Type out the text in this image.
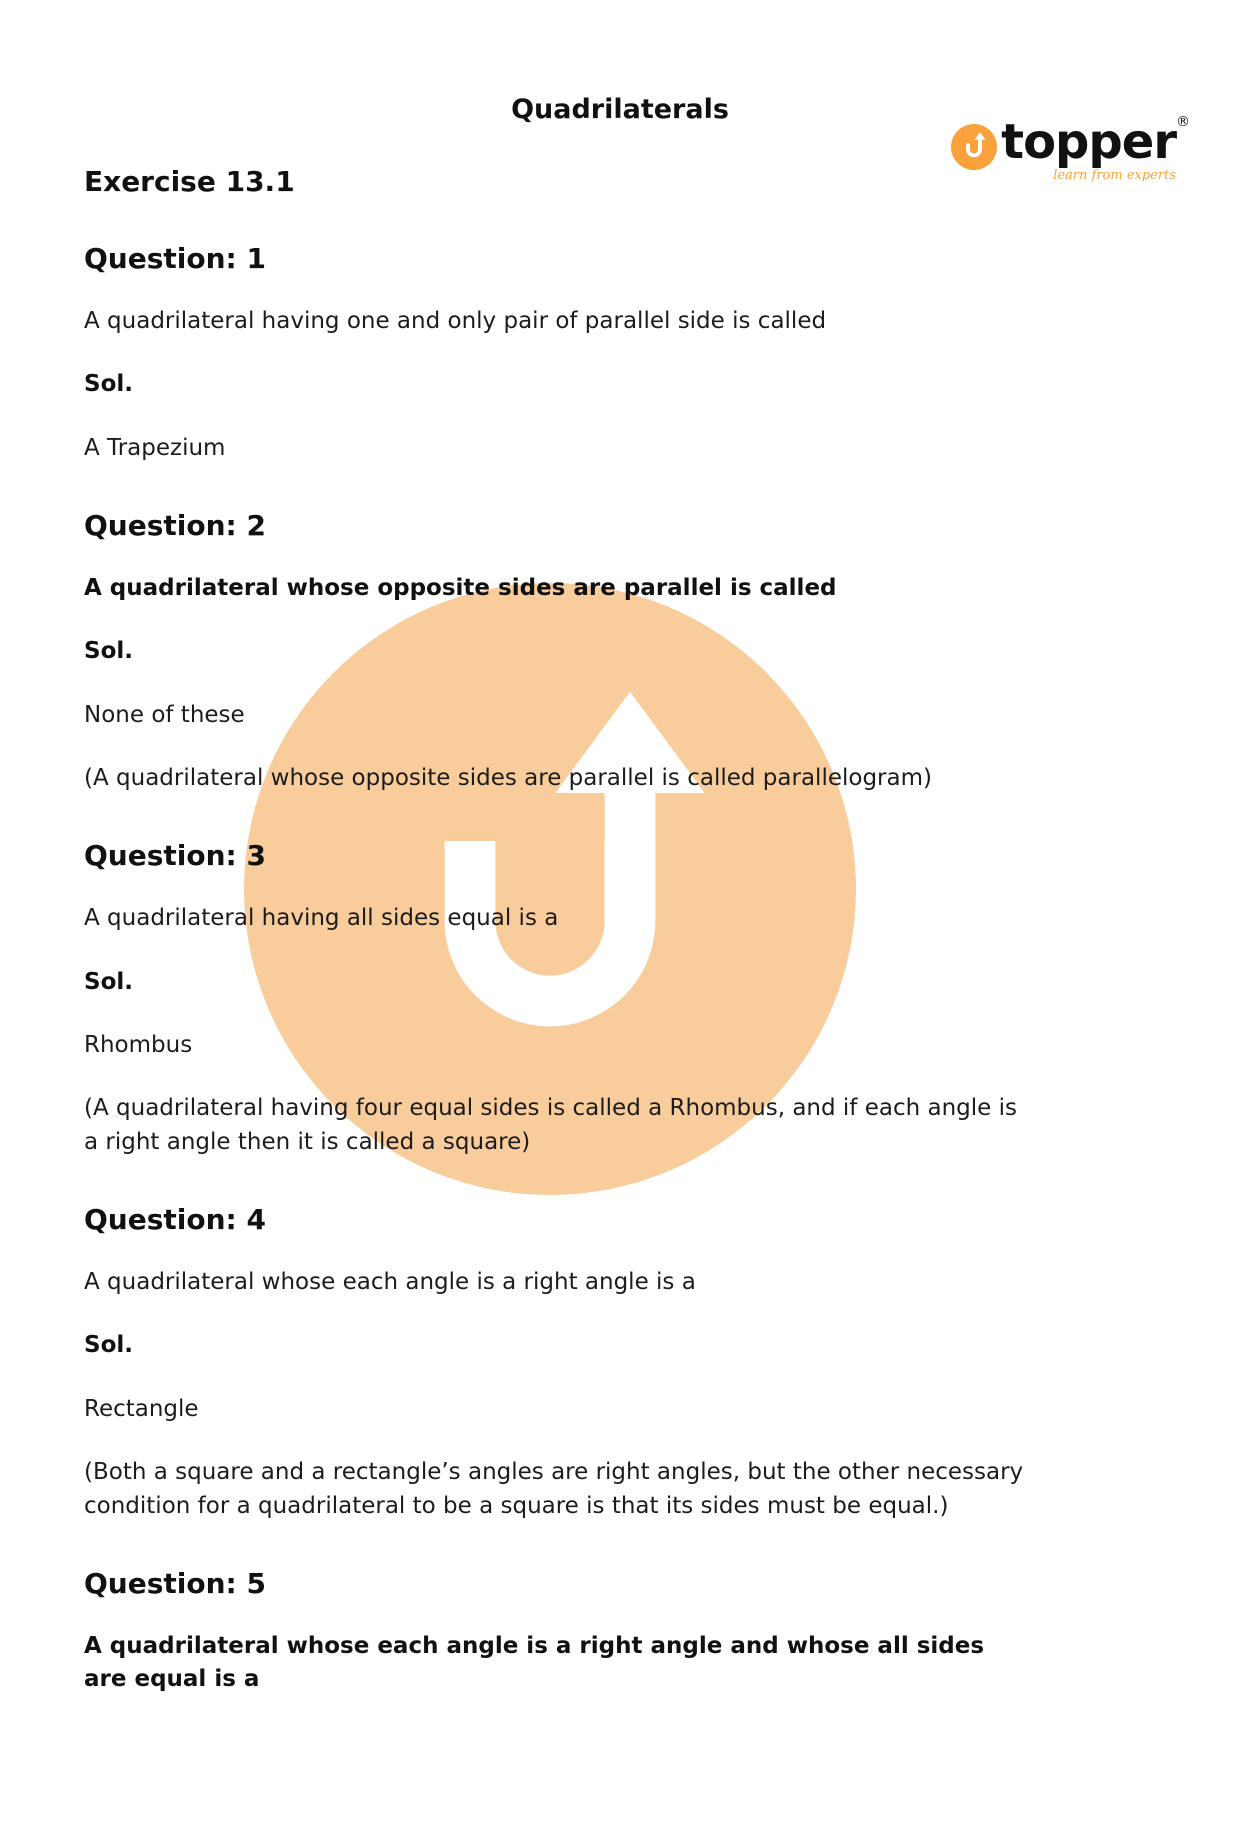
topper ®
learn from experts
Quadrilaterals
Exercise 13.1
Question: 1

A quadrilateral having one and only pair of parallel side is called

Sol.

A Trapezium

Question: 2

A quadrilateral whose opposite sides are parallel is called

Sol.

None of these

(A quadrilateral whose opposite sides are parallel is called parallelogram)

Question: 3

A quadrilateral having all sides equal is a

Sol.

Rhombus

(A quadrilateral having four equal sides is called a Rhombus, and if each angle is a right angle then it is called a square)

Question: 4

A quadrilateral whose each angle is a right angle is a

Sol.

Rectangle

(Both a square and a rectangle’s angles are right angles, but the other necessary condition for a quadrilateral to be a square is that its sides must be equal.)

Question: 5

A quadrilateral whose each angle is a right angle and whose all sides are equal is a
